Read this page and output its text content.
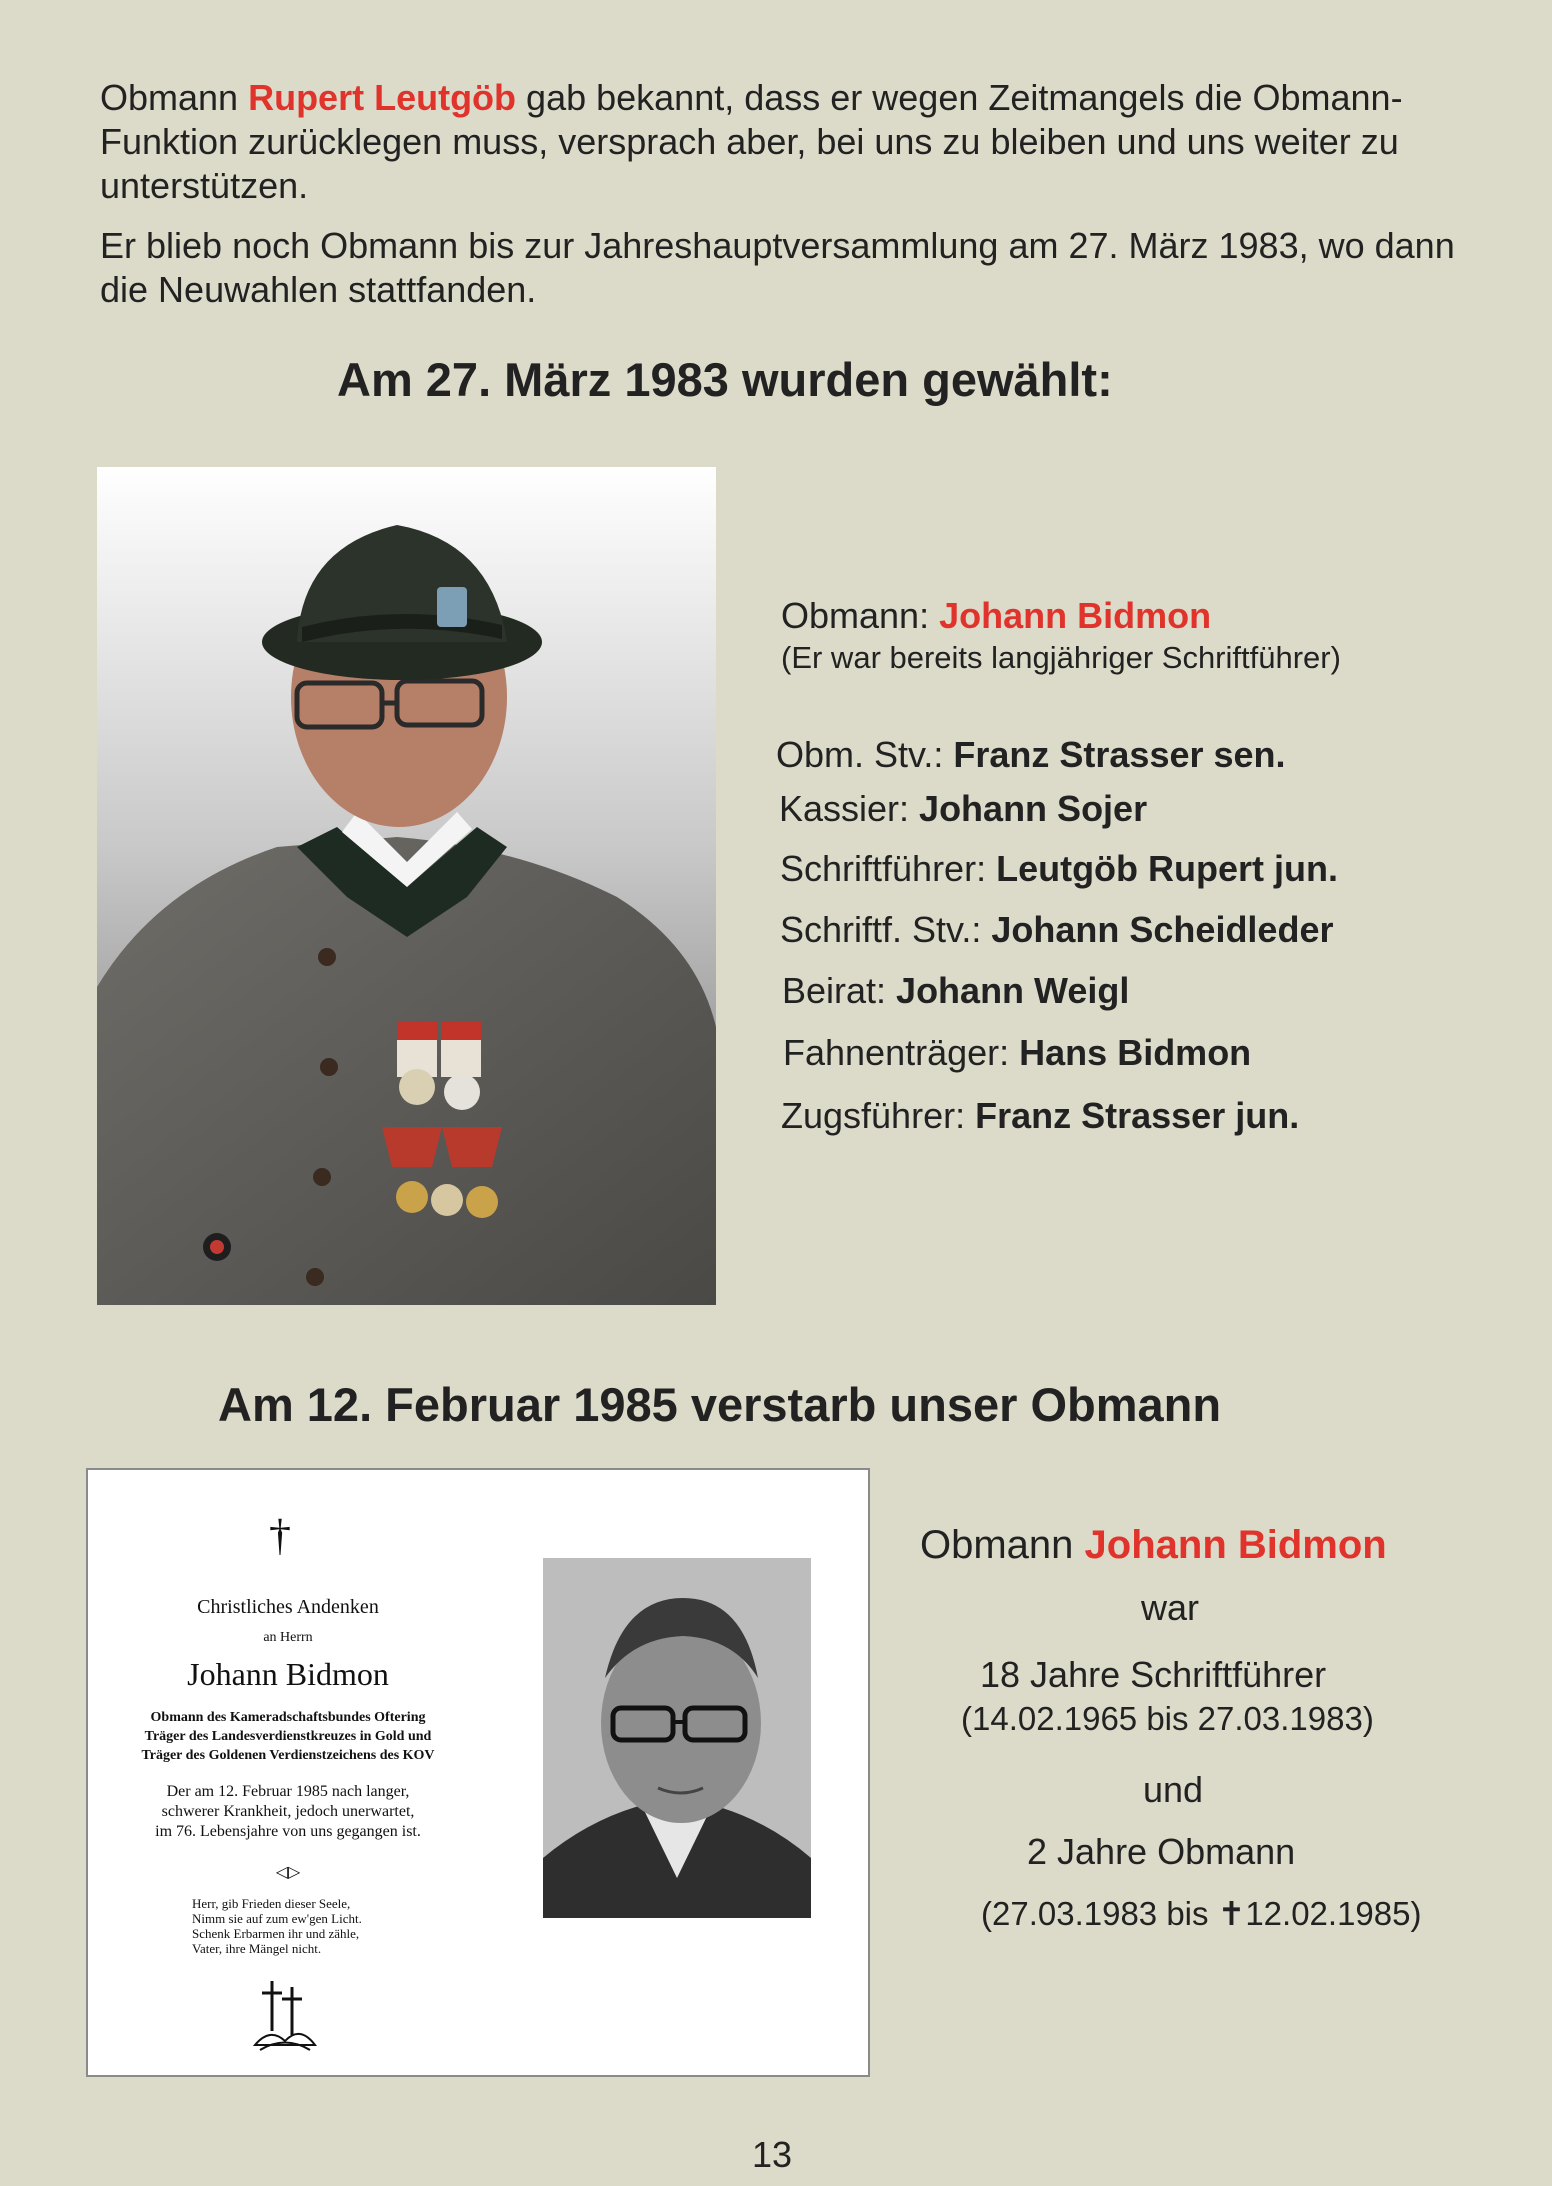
Obmann Rupert Leutgöb gab bekannt, dass er wegen Zeitmangels die Obmann-Funktion zurücklegen muss, versprach aber, bei uns zu bleiben und uns weiter zu unterstützen.

Er blieb noch Obmann bis zur Jahreshauptversammlung am 27. März 1983, wo dann die Neuwahlen stattfanden.

Am 27. März 1983 wurden gewählt:
Obmann: Johann Bidmon
(Er war bereits langjähriger Schriftführer)
Obm. Stv.: Franz Strasser sen.
Kassier: Johann Sojer
Schriftführer: Leutgöb Rupert jun.
Schriftf. Stv.: Johann Scheidleder
Beirat: Johann Weigl
Fahnenträger: Hans Bidmon
Zugsführer: Franz Strasser jun.
Am 12. Februar 1985 verstarb unser Obmann
†
Christliches Andenken
an Herrn
Johann Bidmon
Obmann des Kameradschaftsbundes Oftering
Träger des Landesverdienstkreuzes in Gold und
Träger des Goldenen Verdienstzeichens des KOV
Der am 12. Februar 1985 nach langer,
schwerer Krankheit, jedoch unerwartet,
im 76. Lebensjahre von uns gegangen ist.
◁▷
Herr, gib Frieden dieser Seele,
Nimm sie auf zum ew'gen Licht.
Schenk Erbarmen ihr und zähle,
Vater, ihre Mängel nicht.
Obmann Johann Bidmon
war
18 Jahre Schriftführer
(14.02.1965 bis 27.03.1983)
und
2 Jahre Obmann
(27.03.1983 bis ✝12.02.1985)
13
